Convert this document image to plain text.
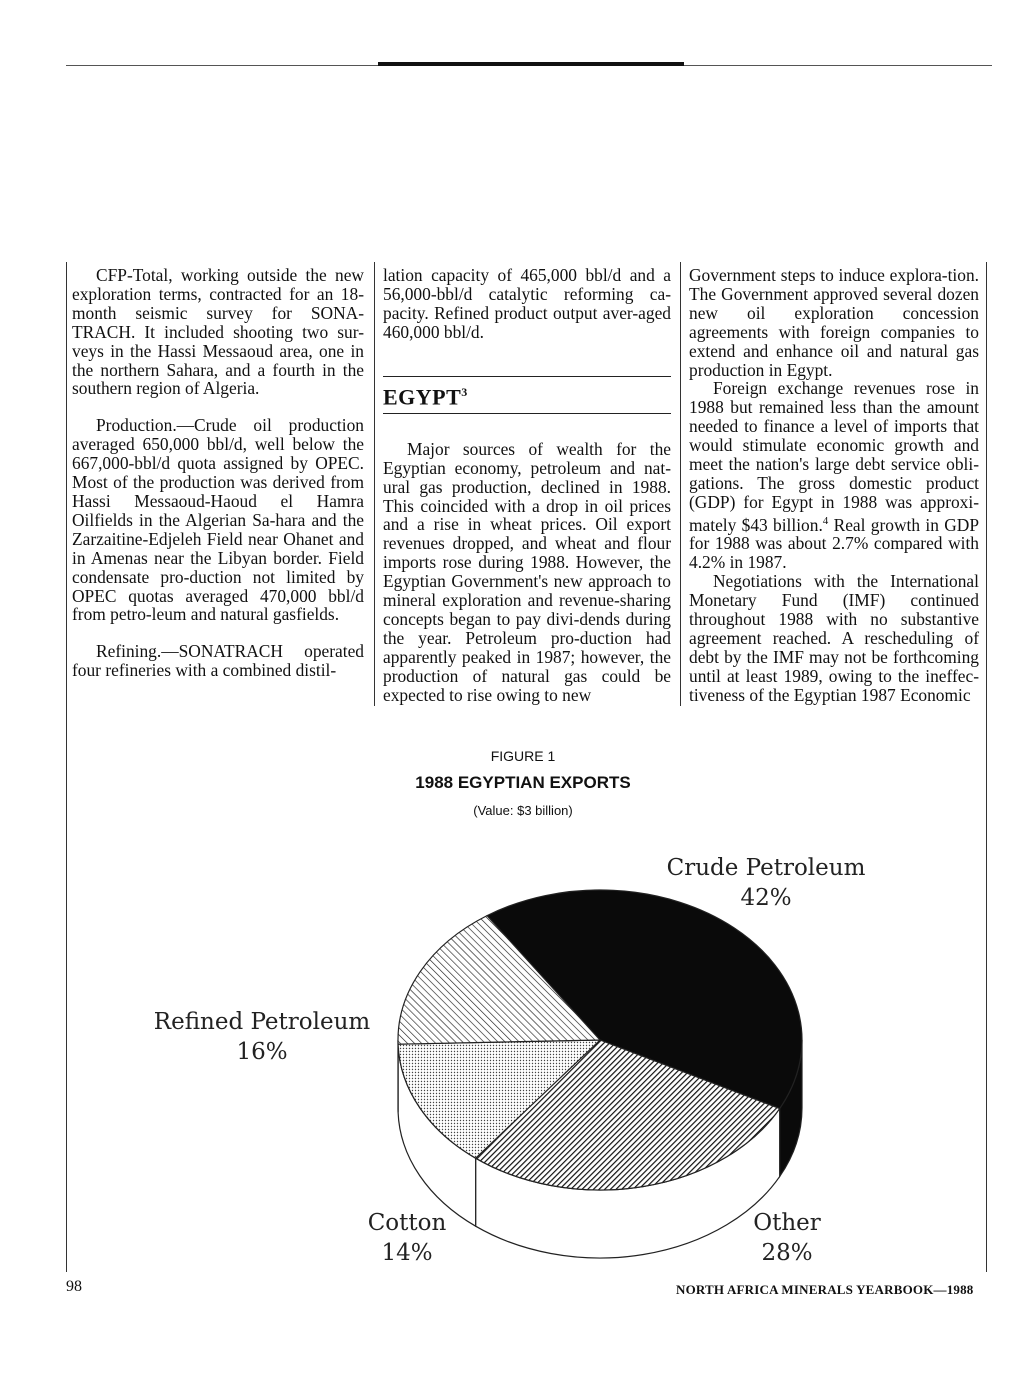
CFP-Total, working outside the new exploration terms, contracted for an 18-month seismic survey for SONA-TRACH. It included shooting two sur-veys in the Hassi Messaoud area, one in the northern Sahara, and a fourth in the southern region of Algeria.

Production.—Crude oil production averaged 650,000 bbl/d, well below the 667,000-bbl/d quota assigned by OPEC. Most of the production was derived from Hassi Messaoud-Haoud el Hamra Oilfields in the Algerian Sa-hara and the Zarzaitine-Edjeleh Field near Ohanet and in Amenas near the Libyan border. Field condensate pro-duction not limited by OPEC quotas averaged 470,000 bbl/d from petro-leum and natural gasfields.

Refining.—SONATRACH operated four refineries with a combined distil-

lation capacity of 465,000 bbl/d and a 56,000-bbl/d catalytic reforming ca-pacity. Refined product output aver-aged 460,000 bbl/d.

EGYPT$^3$

Major sources of wealth for the Egyptian economy, petroleum and nat-ural gas production, declined in 1988. This coincided with a drop in oil prices and a rise in wheat prices. Oil export revenues dropped, and wheat and flour imports rose during 1988. However, the Egyptian Government's new approach to mineral exploration and revenue-sharing concepts began to pay divi-dends during the year. Petroleum pro-duction had apparently peaked in 1987; however, the production of natural gas could be expected to rise owing to new

Government steps to induce explora-tion. The Government approved several dozen new oil exploration concession agreements with foreign companies to extend and enhance oil and natural gas production in Egypt.

Foreign exchange revenues rose in 1988 but remained less than the amount needed to finance a level of imports that would stimulate economic growth and meet the nation's large debt service obli-gations. The gross domestic product (GDP) for Egypt in 1988 was approxi-mately $43 billion.$^4$ Real growth in GDP for 1988 was about 2.7% compared with 4.2% in 1987.

Negotiations with the International Monetary Fund (IMF) continued throughout 1988 with no substantive agreement reached. A rescheduling of debt by the IMF may not be forthcoming until at least 1989, owing to the ineffec-tiveness of the Egyptian 1987 Economic

FIGURE 1
1988 EGYPTIAN EXPORTS
(Value: $3 billion)
Crude Petroleum
42%
Other
28%
Cotton
14%
Refined Petroleum
16%
98	NORTH AFRICA MINERALS YEARBOOK—1988
